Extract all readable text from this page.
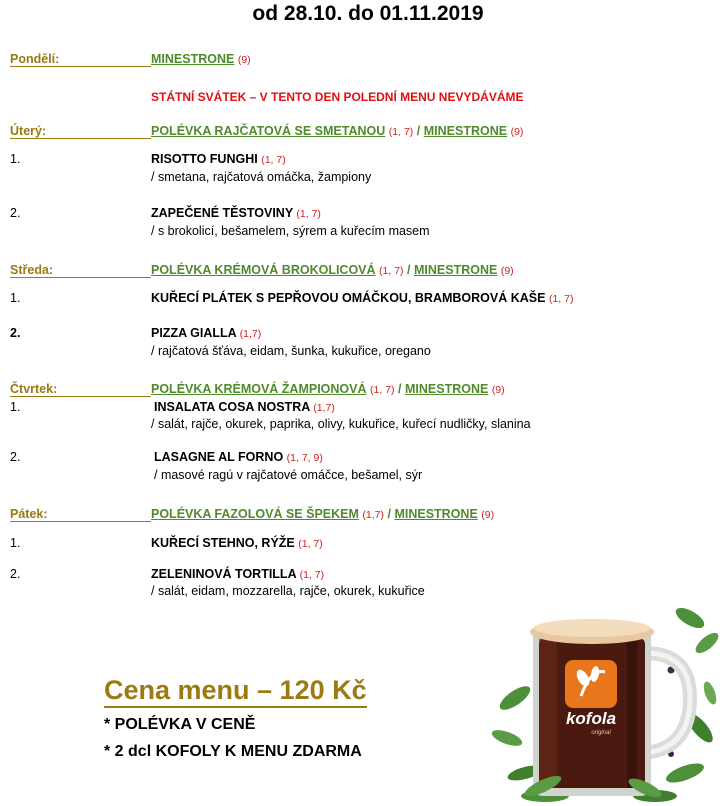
od 28.10. do 01.11.2019
Pondělí:	MINESTRONE (9)
STÁTNÍ SVÁTEK – V TENTO DEN POLEDNÍ MENU NEVYDÁVÁME
Úterý:	POLÉVKA RAJČATOVÁ SE SMETANOU (1, 7) / MINESTRONE (9)
1.	RISOTTO FUNGHI (1, 7)
/ smetana, rajčatová omáčka, žampiony
2.	ZAPEČENÉ TĚSTOVINY (1, 7)
/ s brokolicí, bešamelem, sýrem a kuřecím masem
Středa:	POLÉVKA KRÉMOVÁ BROKOLICOVÁ (1, 7) / MINESTRONE (9)
1.	KUŘECÍ PLÁTEK S PEPŘOVOU OMÁČKOU, BRAMBOROVÁ KAŠE (1, 7)
2.	PIZZA GIALLA (1,7)
/ rajčatová šťáva, eidam, šunka, kukuřice, oregano
Čtvrtek:	POLÉVKA KRÉMOVÁ ŽAMPIONOVÁ (1, 7) / MINESTRONE (9)
1.	INSALATA COSA NOSTRA (1,7)
/ salát, rajče, okurek, paprika, olivy, kukuřice, kuřecí nudličky, slanina
2.	LASAGNE AL FORNO (1, 7, 9)
/ masové ragú v rajčatové omáčce, bešamel, sýr
Pátek:	POLÉVKA FAZOLOVÁ SE ŠPEKEM (1,7) / MINESTRONE (9)
1.	KUŘECÍ STEHNO, RÝŽE (1, 7)
2.	ZELENINOVÁ TORTILLA (1, 7)
/ salát, eidam, mozzarella, rajče, okurek, kukuřice
Cena menu – 120 Kč
* POLÉVKA V CENĚ
* 2 dcl KOFOLY K MENU ZDARMA
kofola
original
